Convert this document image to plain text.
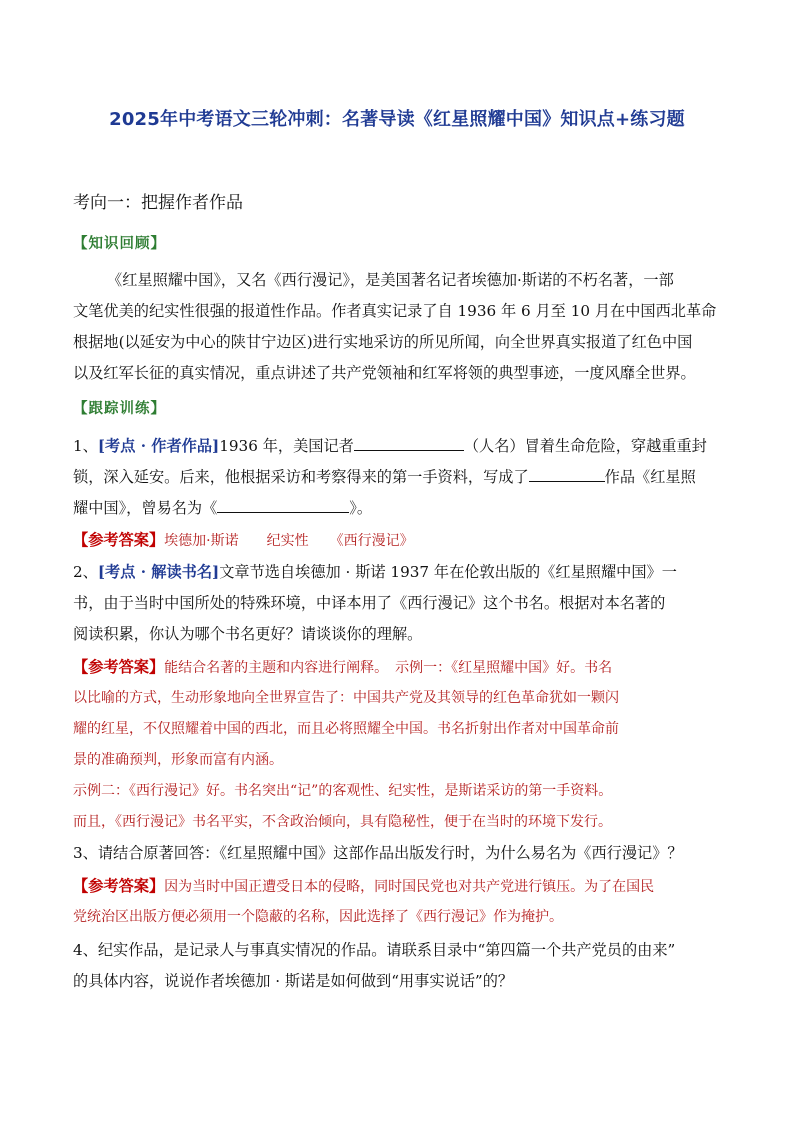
2025年中考语文三轮冲刺：名著导读《红星照耀中国》知识点+练习题
考向一：把握作者作品
【知识回顾】
《红星照耀中国》，又名《西行漫记》，是美国著名记者埃德加·斯诺的不朽名著，一部
文笔优美的纪实性很强的报道性作品。作者真实记录了自 1936 年 6 月至 10 月在中国西北革命
根据地(以延安为中心的陕甘宁边区)进行实地采访的所见所闻，向全世界真实报道了红色中国
以及红军长征的真实情况，重点讲述了共产党领袖和红军将领的典型事迹，一度风靡全世界。
【跟踪训练】
1、[考点 · 作者作品]1936 年，美国记者	（人名）冒着生命危险，穿越重重封
锁，深入延安。后来，他根据采访和考察得来的第一手资料，写成了	作品《红星照
耀中国》，曾易名为《	》。
【参考答案】埃德加·斯诺　　纪实性　　《西行漫记》
2、[考点 · 解读书名]文章节选自埃德加 · 斯诺 1937 年在伦敦出版的《红星照耀中国》一
书，由于当时中国所处的特殊环境，中译本用了《西行漫记》这个书名。根据对本名著的
阅读积累，你认为哪个书名更好？请谈谈你的理解。
【参考答案】能结合名著的主题和内容进行阐释。　示例一：《红星照耀中国》好。书名
以比喻的方式，生动形象地向全世界宣告了：中国共产党及其领导的红色革命犹如一颗闪
耀的红星，不仅照耀着中国的西北，而且必将照耀全中国。书名折射出作者对中国革命前
景的准确预判，形象而富有内涵。
示例二：《西行漫记》好。书名突出“记”的客观性、纪实性，是斯诺采访的第一手资料。
而且，《西行漫记》书名平实，不含政治倾向，具有隐秘性，便于在当时的环境下发行。
3、请结合原著回答：《红星照耀中国》这部作品出版发行时，为什么易名为《西行漫记》？
【参考答案】因为当时中国正遭受日本的侵略，同时国民党也对共产党进行镇压。为了在国民
党统治区出版方便必须用一个隐蔽的名称，因此选择了《西行漫记》作为掩护。
4、纪实作品，是记录人与事真实情况的作品。请联系目录中“第四篇一个共产党员的由来”
的具体内容，说说作者埃德加 · 斯诺是如何做到“用事实说话”的？
